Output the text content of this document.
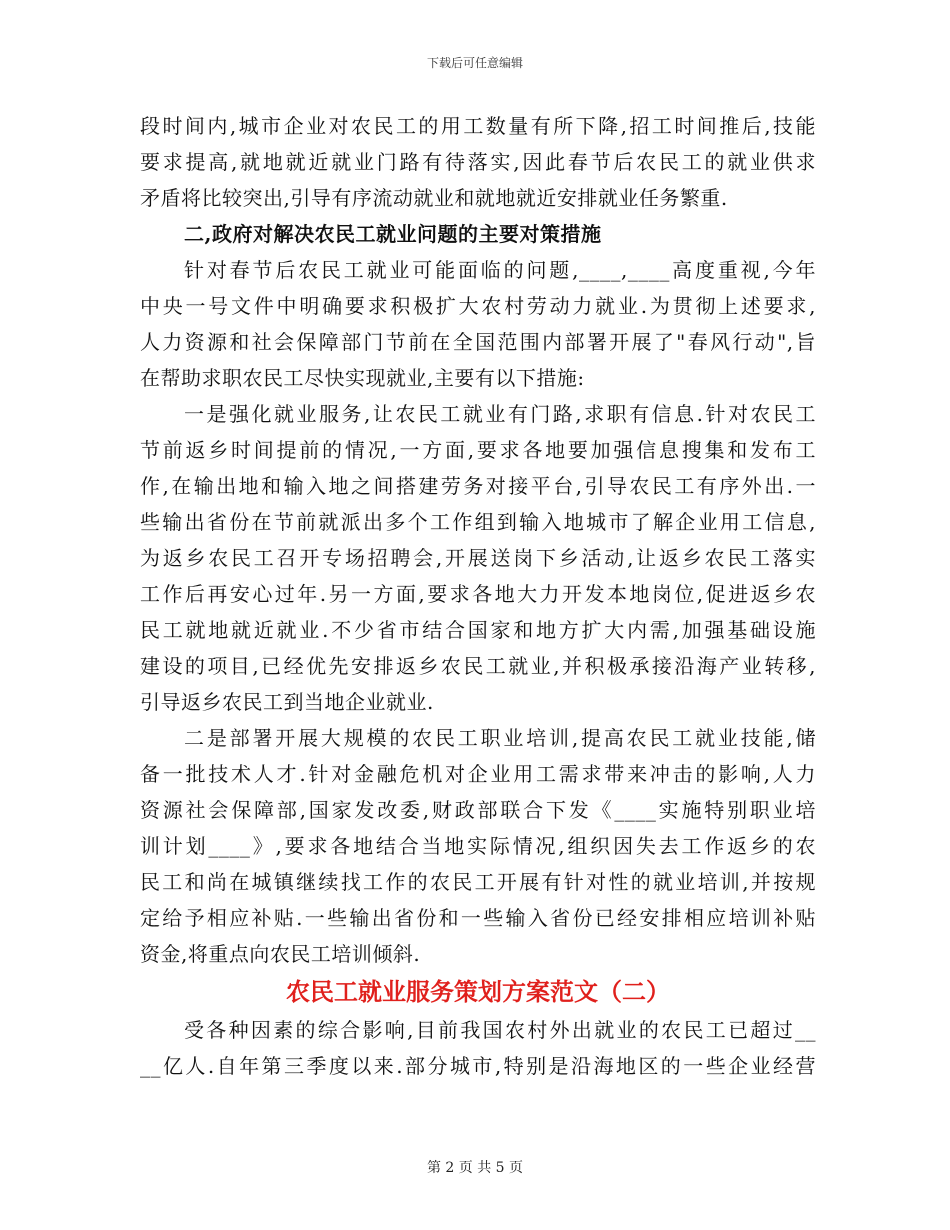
下载后可任意编辑
段时间内,城市企业对农民工的用工数量有所下降,招工时间推后,技能
要求提高,就地就近就业门路有待落实,因此春节后农民工的就业供求
矛盾将比较突出,引导有序流动就业和就地就近安排就业任务繁重.
二,政府对解决农民工就业问题的主要对策措施
针对春节后农民工就业可能面临的问题,____,____高度重视,今年
中央一号文件中明确要求积极扩大农村劳动力就业.为贯彻上述要求,
人力资源和社会保障部门节前在全国范围内部署开展了"春风行动",旨
在帮助求职农民工尽快实现就业,主要有以下措施:
一是强化就业服务,让农民工就业有门路,求职有信息.针对农民工
节前返乡时间提前的情况,一方面,要求各地要加强信息搜集和发布工
作,在输出地和输入地之间搭建劳务对接平台,引导农民工有序外出.一
些输出省份在节前就派出多个工作组到输入地城市了解企业用工信息,
为返乡农民工召开专场招聘会,开展送岗下乡活动,让返乡农民工落实
工作后再安心过年.另一方面,要求各地大力开发本地岗位,促进返乡农
民工就地就近就业.不少省市结合国家和地方扩大内需,加强基础设施
建设的项目,已经优先安排返乡农民工就业,并积极承接沿海产业转移,
引导返乡农民工到当地企业就业.
二是部署开展大规模的农民工职业培训,提高农民工就业技能,储
备一批技术人才.针对金融危机对企业用工需求带来冲击的影响,人力
资源社会保障部,国家发改委,财政部联合下发《____实施特别职业培
训计划____》,要求各地结合当地实际情况,组织因失去工作返乡的农
民工和尚在城镇继续找工作的农民工开展有针对性的就业培训,并按规
定给予相应补贴.一些输出省份和一些输入省份已经安排相应培训补贴
资金,将重点向农民工培训倾斜.
农民工就业服务策划方案范文（二）
受各种因素的综合影响,目前我国农村外出就业的农民工已超过__
__亿人.自年第三季度以来.部分城市,特别是沿海地区的一些企业经营
第 2 页 共 5 页
